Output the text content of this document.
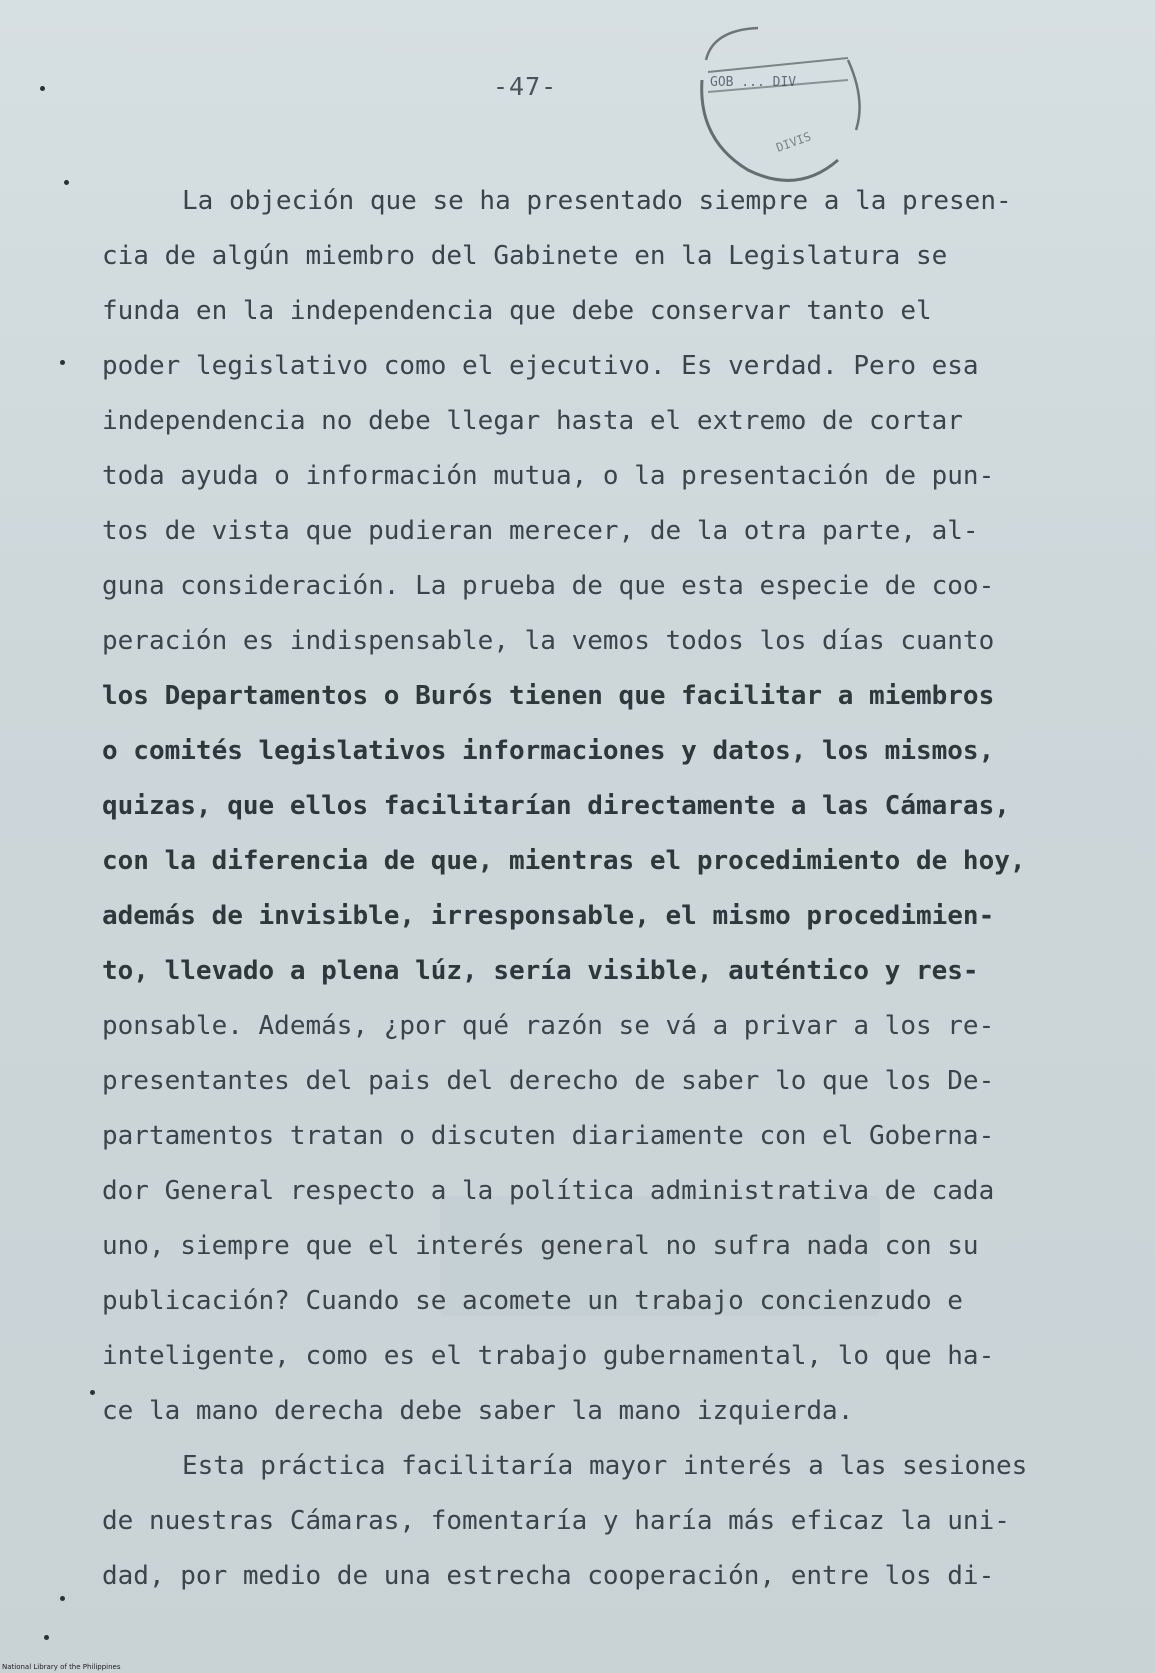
-47-	GOB ... DIV
DIVIS
La objeción que se ha presentado siempre a la presen-
cia de algún miembro del Gabinete en la Legislatura se
funda en la independencia que debe conservar tanto el
poder legislativo como el ejecutivo. Es verdad. Pero esa
independencia no debe llegar hasta el extremo de cortar
toda ayuda o información mutua, o la presentación de pun-
tos de vista que pudieran merecer, de la otra parte, al-
guna consideración. La prueba de que esta especie de coo-
peración es indispensable, la vemos todos los días cuanto
los Departamentos o Burós tienen que facilitar a miembros
o comités legislativos informaciones y datos, los mismos,
quizas, que ellos facilitarían directamente a las Cámaras,
con la diferencia de que, mientras el procedimiento de hoy,
además de invisible, irresponsable, el mismo procedimien-
to, llevado a plena lúz, sería visible, auténtico y res-
ponsable. Además, ¿por qué razón se vá a privar a los re-
presentantes del pais del derecho de saber lo que los De-
partamentos tratan o discuten diariamente con el Goberna-
dor General respecto a la política administrativa de cada
uno, siempre que el interés general no sufra nada con su
publicación? Cuando se acomete un trabajo concienzudo e
inteligente, como es el trabajo gubernamental, lo que ha-
ce la mano derecha debe saber la mano izquierda.
Esta práctica facilitaría mayor interés a las sesiones
de nuestras Cámaras, fomentaría y haría más eficaz la uni-
dad, por medio de una estrecha cooperación, entre los di-
National Library of the Philippines
